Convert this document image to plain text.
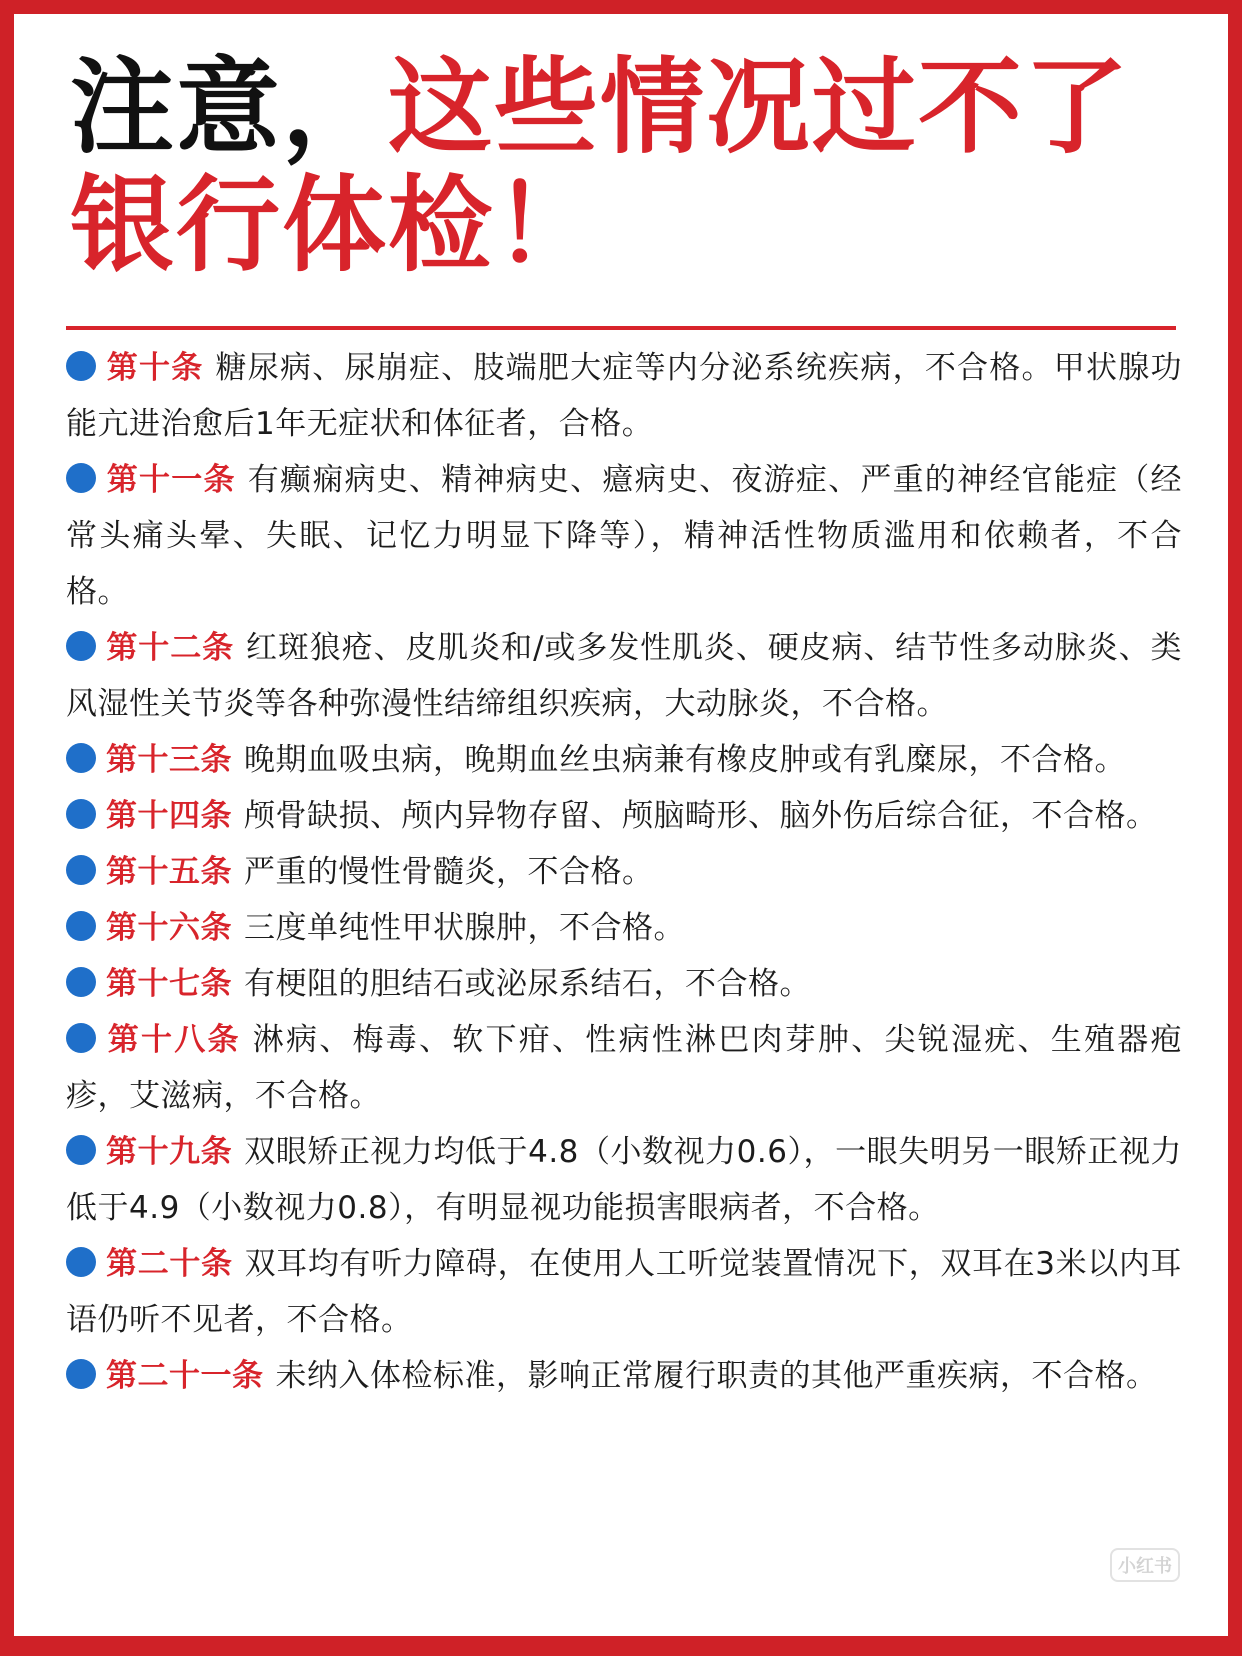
注意，这些情况过不了
银行体检！

第十条 糖尿病、尿崩症、肢端肥大症等内分泌系统疾病，不合格。甲状腺功能亢进治愈后1年无症状和体征者，合格。

第十一条 有癫痫病史、精神病史、癔病史、夜游症、严重的神经官能症（经常头痛头晕、失眠、记忆力明显下降等），精神活性物质滥用和依赖者，不合格。

第十二条 红斑狼疮、皮肌炎和/或多发性肌炎、硬皮病、结节性多动脉炎、类风湿性关节炎等各种弥漫性结缔组织疾病，大动脉炎，不合格。

第十三条 晚期血吸虫病，晚期血丝虫病兼有橡皮肿或有乳糜尿，不合格。

第十四条 颅骨缺损、颅内异物存留、颅脑畸形、脑外伤后综合征，不合格。

第十五条 严重的慢性骨髓炎，不合格。

第十六条 三度单纯性甲状腺肿，不合格。

第十七条 有梗阻的胆结石或泌尿系结石，不合格。

第十八条 淋病、梅毒、软下疳、性病性淋巴肉芽肿、尖锐湿疣、生殖器疱疹，艾滋病，不合格。

第十九条 双眼矫正视力均低于4.8（小数视力0.6），一眼失明另一眼矫正视力低于4.9（小数视力0.8），有明显视功能损害眼病者，不合格。

第二十条 双耳均有听力障碍，在使用人工听觉装置情况下，双耳在3米以内耳语仍听不见者，不合格。

第二十一条 未纳入体检标准，影响正常履行职责的其他严重疾病，不合格。

小红书
